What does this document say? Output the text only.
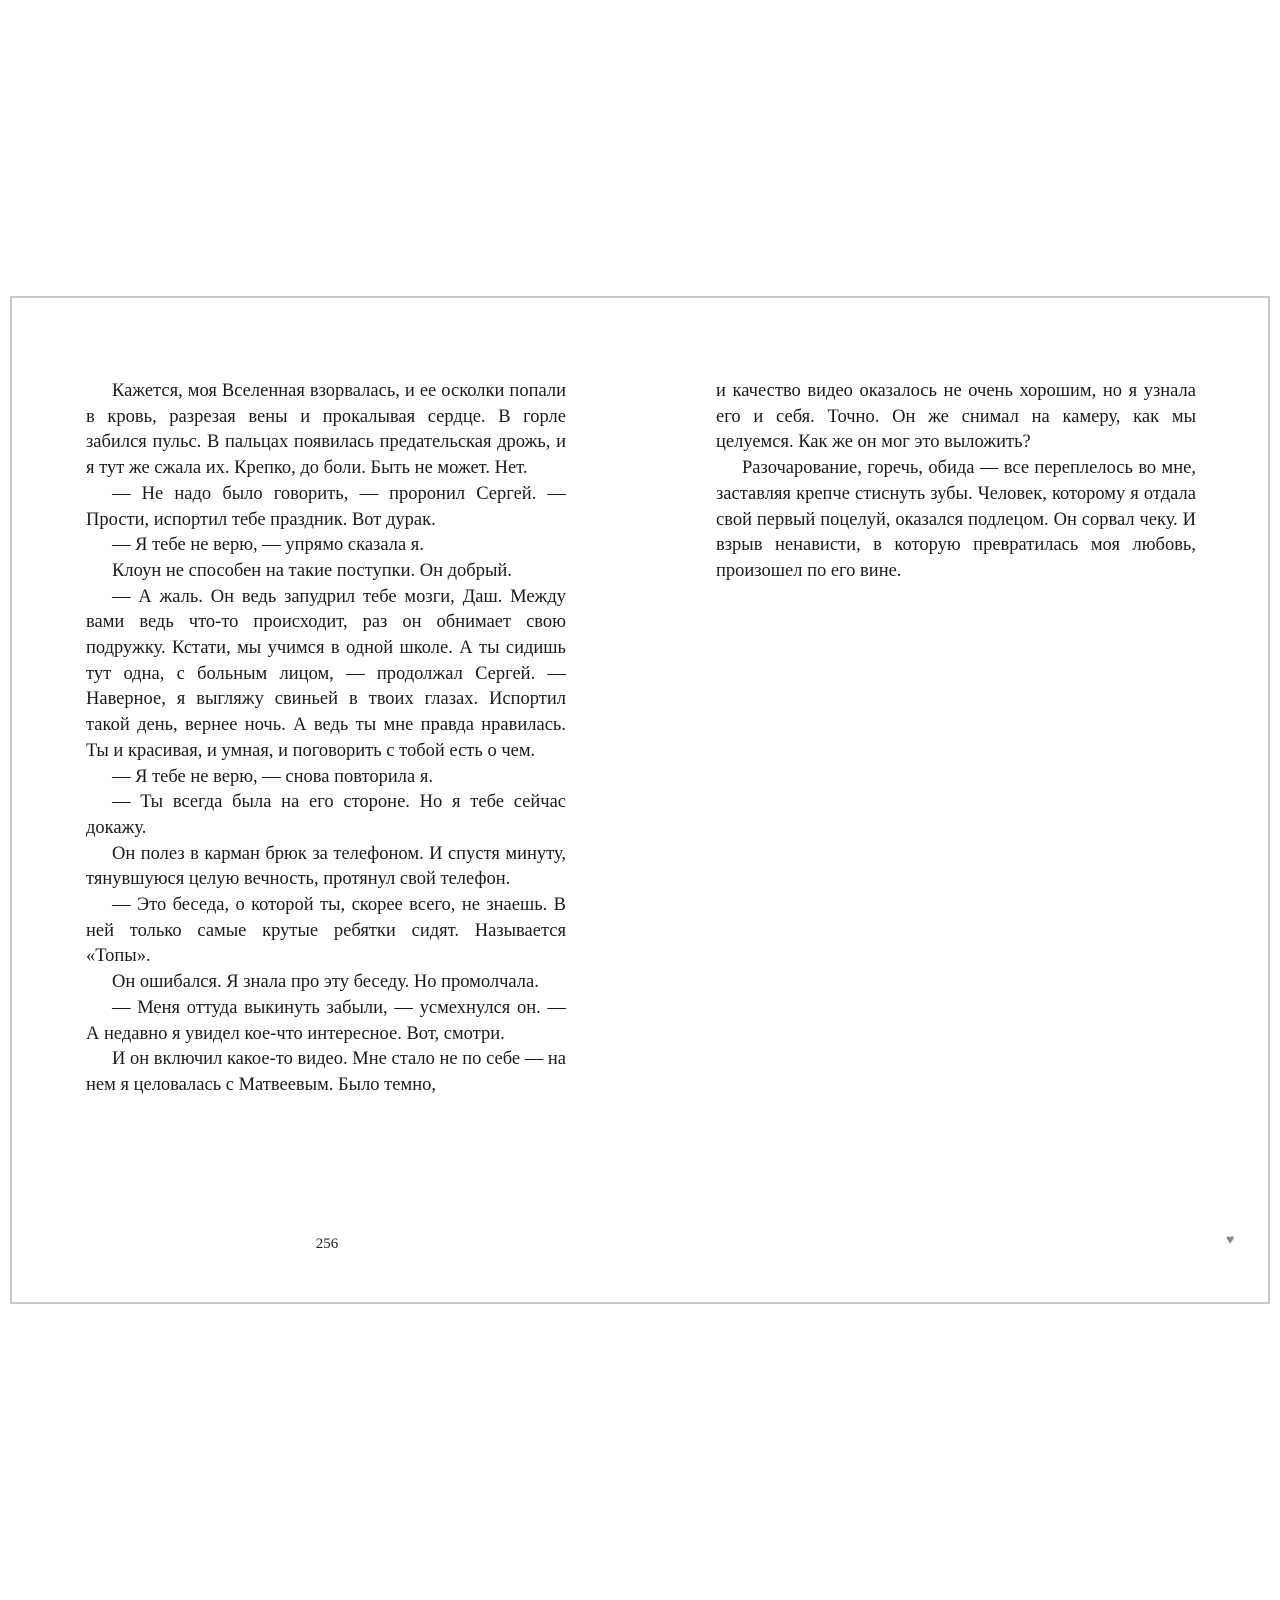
Кажется, моя Вселенная взорвалась, и ее осколки попали в кровь, разрезая вены и прокалывая сердце. В горле забился пульс. В пальцах появилась предательская дрожь, и я тут же сжала их. Крепко, до боли. Быть не может. Нет.

— Не надо было говорить, — проронил Сергей. — Прости, испортил тебе праздник. Вот дурак.

— Я тебе не верю, — упрямо сказала я.

Клоун не способен на такие поступки. Он добрый.

— А жаль. Он ведь запудрил тебе мозги, Даш. Между вами ведь что-то происходит, раз он обнимает свою подружку. Кстати, мы учимся в одной школе. А ты сидишь тут одна, с больным лицом, — продолжал Сергей. — Наверное, я выгляжу свиньей в твоих глазах. Испортил такой день, вернее ночь. А ведь ты мне правда нравилась. Ты и красивая, и умная, и поговорить с тобой есть о чем.

— Я тебе не верю, — снова повторила я.

— Ты всегда была на его стороне. Но я тебе сейчас докажу.

Он полез в карман брюк за телефоном. И спустя минуту, тянувшуюся целую вечность, протянул свой телефон.

— Это беседа, о которой ты, скорее всего, не знаешь. В ней только самые крутые ребятки сидят. Называется «Топы».

Он ошибался. Я знала про эту беседу. Но промолчала.

— Меня оттуда выкинуть забыли, — усмехнулся он. — А недавно я увидел кое-что интересное. Вот, смотри.

И он включил какое-то видео. Мне стало не по себе — на нем я целовалась с Матвеевым. Было темно,

256

и качество видео оказалось не очень хорошим, но я узнала его и себя. Точно. Он же снимал на камеру, как мы целуемся. Как же он мог это выложить?

Разочарование, горечь, обида — все переплелось во мне, заставляя крепче стиснуть зубы. Человек, которому я отдала свой первый поцелуй, оказался подлецом. Он сорвал чеку. И взрыв ненависти, в которую превратилась моя любовь, произошел по его вине.

♥
